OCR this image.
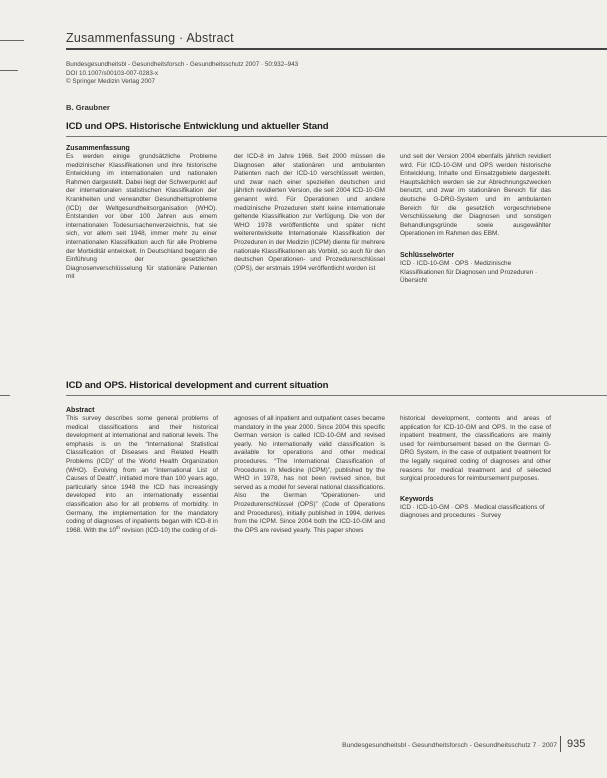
Zusammenfassung · Abstract
Bundesgesundheitsbl - Gesundheitsforsch - Gesundheitsschutz 2007 · 50:932–943
DOI 10.1007/s00103-007-0283-x
© Springer Medizin Verlag 2007
B. Graubner
ICD und OPS. Historische Entwicklung und aktueller Stand
Zusammenfassung
Es werden einige grundsätzliche Probleme medizinischer Klassifikationen und ihre historische Entwicklung im internationalen und nationalen Rahmen dargestellt. Dabei liegt der Schwerpunkt auf der internationalen statistischen Klassifikation der Krankheiten und verwandter Gesundheitsprobleme (ICD) der Weltgesundheitsorganisation (WHO). Entstanden vor über 100 Jahren aus einem internationalen Todesursachenverzeichnis, hat sie sich, vor allem seit 1948, immer mehr zu einer internationalen Klassifikation auch für alle Probleme der Morbidität entwickelt. In Deutschland begann die Einführung der gesetzlichen Diagnosenverschlüsselung für stationäre Patienten mit
der ICD-8 im Jahre 1968. Seit 2000 müssen die Diagnosen aller stationären und ambulanten Patienten nach der ICD-10 verschlüsselt werden, und zwar nach einer speziellen deutschen und jährlich revidierten Version, die seit 2004 ICD-10-GM genannt wird. Für Operationen und andere medizinische Prozeduren steht keine internationale geltende Klassifikation zur Verfügung. Die von der WHO 1978 veröffentlichte und später nicht weiterentwickelte Internationale Klassifikation der Prozeduren in der Medizin (ICPM) diente für mehrere nationale Klassifikationen als Vorbild, so auch für den deutschen Operationen- und Prozedurenschlüssel (OPS), der erstmals 1994 veröffentlicht worden ist
und seit der Version 2004 ebenfalls jährlich revidiert wird. Für ICD-10-GM und OPS werden historische Entwicklung, Inhalte und Einsatzgebiete dargestellt. Hauptsächlich werden sie zur Abrechnungszwecken benutzt, und zwar im stationären Bereich für das deutsche G-DRG-System und im ambulanten Bereich für die gesetzlich vorgeschriebene Verschlüsselung der Diagnosen und sonstigen Behandlungsgründe sowie ausgewählter Operationen im Rahmen des EBM.
Schlüsselwörter
ICD · ICD-10-GM · OPS · Medizinische Klassifikationen für Diagnosen und Prozeduren · Übersicht
ICD and OPS. Historical development and current situation
Abstract
This survey describes some general problems of medical classifications and their historical development at international and national levels. The emphasis is on the “International Statistical Classification of Diseases and Related Health Problems (ICD)” of the World Health Organization (WHO). Evolving from an “International List of Causes of Death”, initiated more than 100 years ago, particularly since 1948 the ICD has increasingly developed into an internationally essential classification also for all problems of morbidity. In Germany, the implementation for the mandatory coding of diagnoses of inpatients began with ICD-8 in 1968. With the 10th revision (ICD-10) the coding of di-
agnoses of all inpatient and outpatient cases became mandatory in the year 2000. Since 2004 this specific German version is called ICD-10-GM and revised yearly. No internationally valid classification is available for operations and other medical procedures. “The International Classification of Procedures in Medicine (ICPM)”, published by the WHO in 1978, has not been revised since, but served as a model for several national classifications. Also the German “Operationen- und Prozedurenschlüssel (OPS)” (Code of Operations and Procedures), initially published in 1994, derives from the ICPM. Since 2004 both the ICD-10-GM and the OPS are revised yearly. This paper shows
historical development, contents and areas of application for ICD-10-GM and OPS. In the case of inpatient treatment, the classifications are mainly used for reimbursement based on the German G-DRG System, in the case of outpatient treatment for the legally required coding of diagnoses and other reasons for medical treatment and of selected surgical procedures for reimbursement purposes.
Keywords
ICD · ICD-10-GM · OPS · Medical classifications of diagnoses and procedures · Survey
Bundesgesundheitsbl - Gesundheitsforsch - Gesundheitsschutz 7 · 2007 935
